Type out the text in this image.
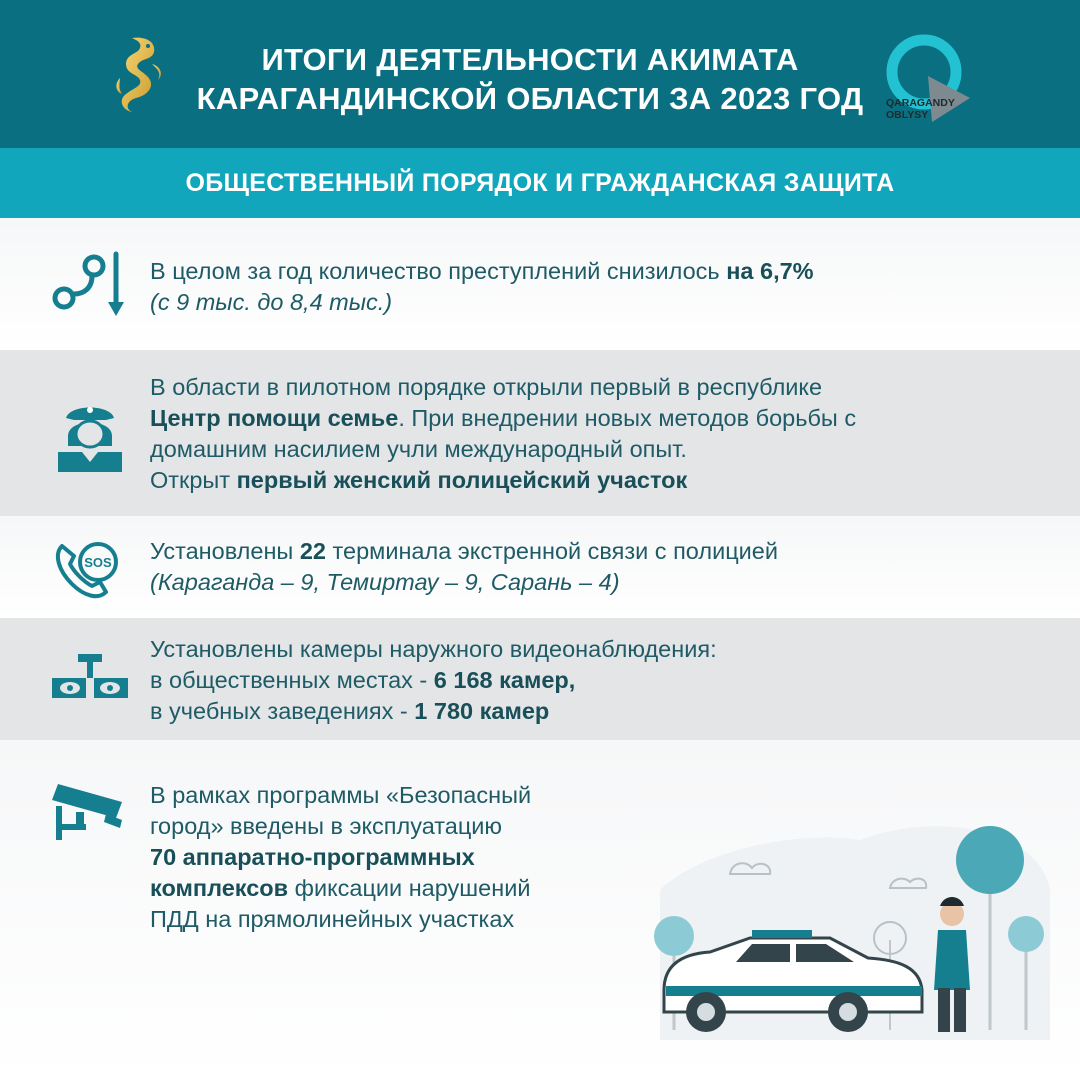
ИТОГИ ДЕЯТЕЛЬНОСТИ АКИМАТА
КАРАГАНДИНСКОЙ ОБЛАСТИ ЗА 2023 ГОД	QARAGANDY
OBLYSY
ОБЩЕСТВЕННЫЙ ПОРЯДОК И ГРАЖДАНСКАЯ ЗАЩИТА
В целом за год количество преступлений снизилось на 6,7%
(с 9 тыс. до 8,4 тыс.)
В области в пилотном порядке открыли первый в республике
Центр помощи семье. При внедрении новых методов борьбы с
домашним насилием учли международный опыт.
Открыт первый женский полицейский участок
SOS Установлены 22 терминала экстренной связи с полицией
(Караганда – 9, Темиртау – 9, Сарань – 4)
Установлены камеры наружного видеонаблюдения:
в общественных местах - 6 168 камер,
в учебных заведениях - 1 780 камер
В рамках программы «Безопасный
город» введены в эксплуатацию
70 аппаратно-программных
комплексов фиксации нарушений
ПДД на прямолинейных участках
